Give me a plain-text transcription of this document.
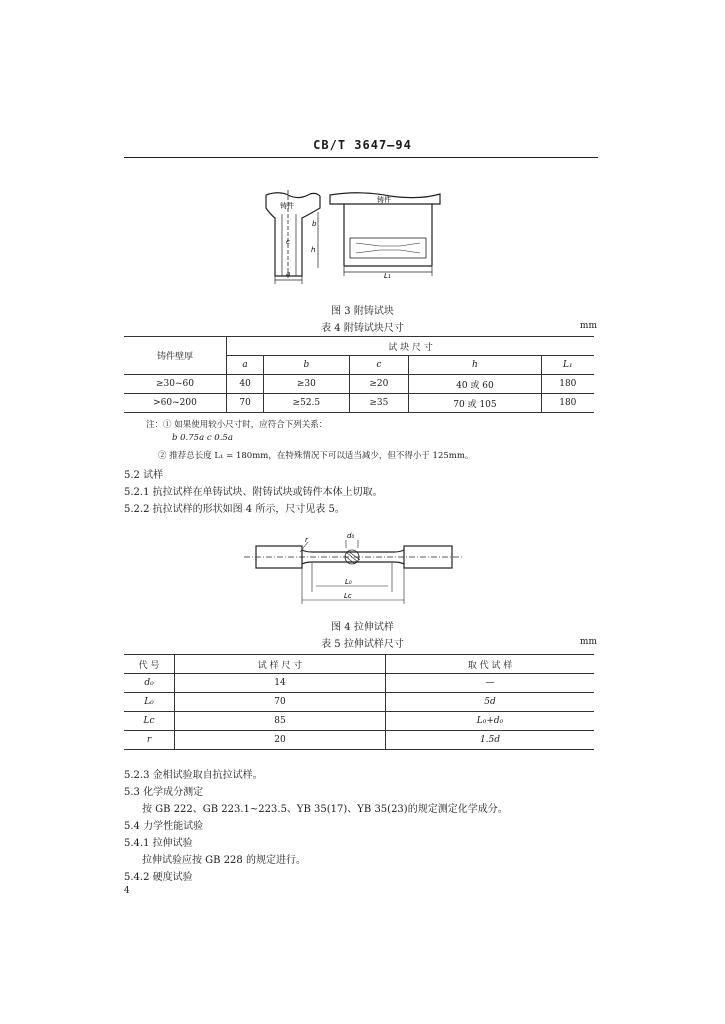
CB/T 3647—94
铸件
铸件
b
c
h
a	L₁
图 3 附铸试块
表 4 附铸试块尺寸	mm
铸件壁厚	试 块 尺 寸				
	a	b	c	h	L₁
≥30~60	40	≥30	≥20	40 或 60	180
>60~200	70	≥52.5	≥35	70 或 105	180
注：① 如果使用较小尺寸时，应符合下列关系：
b 0.75a c 0.5a
② 推荐总长度 L₁ = 180mm，在特殊情况下可以适当减少，但不得小于 125mm。
5.2 试样
5.2.1 抗拉试样在单铸试块、附铸试块或铸件本体上切取。
5.2.2 抗拉试样的形状如图 4 所示，尺寸见表 5。
r	d₀
L₀
Lc
图 4 拉伸试样
表 5 拉伸试样尺寸	mm
代 号	试 样 尺 寸	取 代 试 样
d₀	14	—
L₀	70	5d
Lc	85	L₀+d₀
r	20	1.5d
5.2.3 金相试验取自抗拉试样。
5.3 化学成分测定
按 GB 222、GB 223.1~223.5、YB 35(17)、YB 35(23)的规定测定化学成分。
5.4 力学性能试验
5.4.1 拉伸试验
拉伸试验应按 GB 228 的规定进行。
5.4.2 硬度试验
4
